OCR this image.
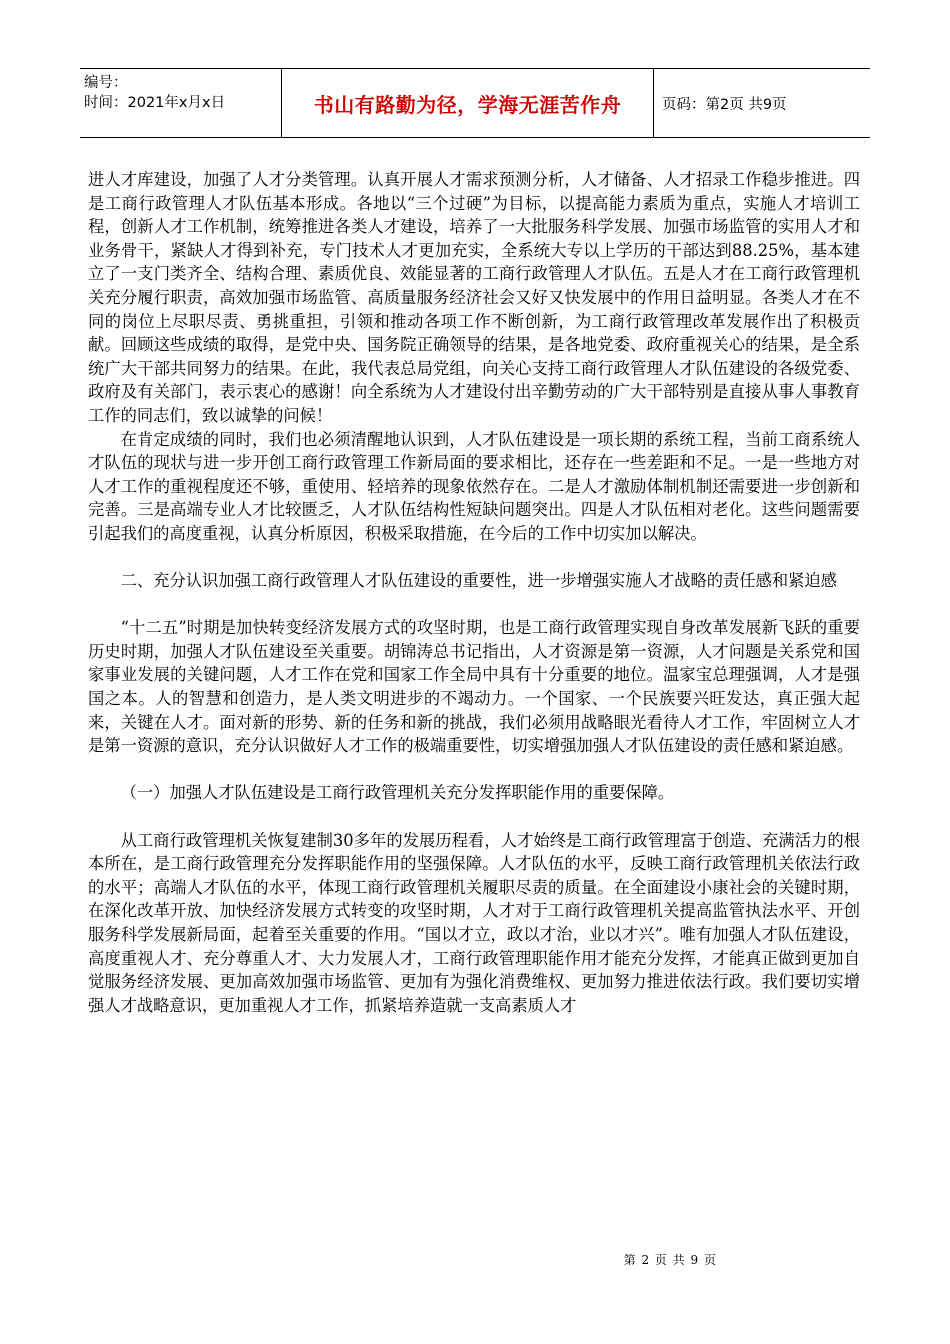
编号：
时间：2021年x月x日	书山有路勤为径，学海无涯苦作舟	页码：第2页 共9页

进人才库建设，加强了人才分类管理。认真开展人才需求预测分析，人才储备、人才招录工作稳步推进。四是工商行政管理人才队伍基本形成。各地以“三个过硬”为目标，以提高能力素质为重点，实施人才培训工程，创新人才工作机制，统筹推进各类人才建设，培养了一大批服务科学发展、加强市场监管的实用人才和业务骨干，紧缺人才得到补充，专门技术人才更加充实，全系统大专以上学历的干部达到88.25%，基本建立了一支门类齐全、结构合理、素质优良、效能显著的工商行政管理人才队伍。五是人才在工商行政管理机关充分履行职责，高效加强市场监管、高质量服务经济社会又好又快发展中的作用日益明显。各类人才在不同的岗位上尽职尽责、勇挑重担，引领和推动各项工作不断创新，为工商行政管理改革发展作出了积极贡献。回顾这些成绩的取得，是党中央、国务院正确领导的结果，是各地党委、政府重视关心的结果，是全系统广大干部共同努力的结果。在此，我代表总局党组，向关心支持工商行政管理人才队伍建设的各级党委、政府及有关部门，表示衷心的感谢！向全系统为人才建设付出辛勤劳动的广大干部特别是直接从事人事教育工作的同志们，致以诚挚的问候！

在肯定成绩的同时，我们也必须清醒地认识到，人才队伍建设是一项长期的系统工程，当前工商系统人才队伍的现状与进一步开创工商行政管理工作新局面的要求相比，还存在一些差距和不足。一是一些地方对人才工作的重视程度还不够，重使用、轻培养的现象依然存在。二是人才激励体制机制还需要进一步创新和完善。三是高端专业人才比较匮乏，人才队伍结构性短缺问题突出。四是人才队伍相对老化。这些问题需要引起我们的高度重视，认真分析原因，积极采取措施，在今后的工作中切实加以解决。

二、充分认识加强工商行政管理人才队伍建设的重要性，进一步增强实施人才战略的责任感和紧迫感

“十二五”时期是加快转变经济发展方式的攻坚时期，也是工商行政管理实现自身改革发展新飞跃的重要历史时期，加强人才队伍建设至关重要。胡锦涛总书记指出，人才资源是第一资源，人才问题是关系党和国家事业发展的关键问题，人才工作在党和国家工作全局中具有十分重要的地位。温家宝总理强调，人才是强国之本。人的智慧和创造力，是人类文明进步的不竭动力。一个国家、一个民族要兴旺发达，真正强大起来，关键在人才。面对新的形势、新的任务和新的挑战，我们必须用战略眼光看待人才工作，牢固树立人才是第一资源的意识，充分认识做好人才工作的极端重要性，切实增强加强人才队伍建设的责任感和紧迫感。

（一）加强人才队伍建设是工商行政管理机关充分发挥职能作用的重要保障。

从工商行政管理机关恢复建制30多年的发展历程看，人才始终是工商行政管理富于创造、充满活力的根本所在，是工商行政管理充分发挥职能作用的坚强保障。人才队伍的水平，反映工商行政管理机关依法行政的水平；高端人才队伍的水平，体现工商行政管理机关履职尽责的质量。在全面建设小康社会的关键时期，在深化改革开放、加快经济发展方式转变的攻坚时期，人才对于工商行政管理机关提高监管执法水平、开创服务科学发展新局面，起着至关重要的作用。“国以才立，政以才治，业以才兴”。唯有加强人才队伍建设，高度重视人才、充分尊重人才、大力发展人才，工商行政管理职能作用才能充分发挥，才能真正做到更加自觉服务经济发展、更加高效加强市场监管、更加有为强化消费维权、更加努力推进依法行政。我们要切实增强人才战略意识，更加重视人才工作，抓紧培养造就一支高素质人才

第 2 页 共 9 页
